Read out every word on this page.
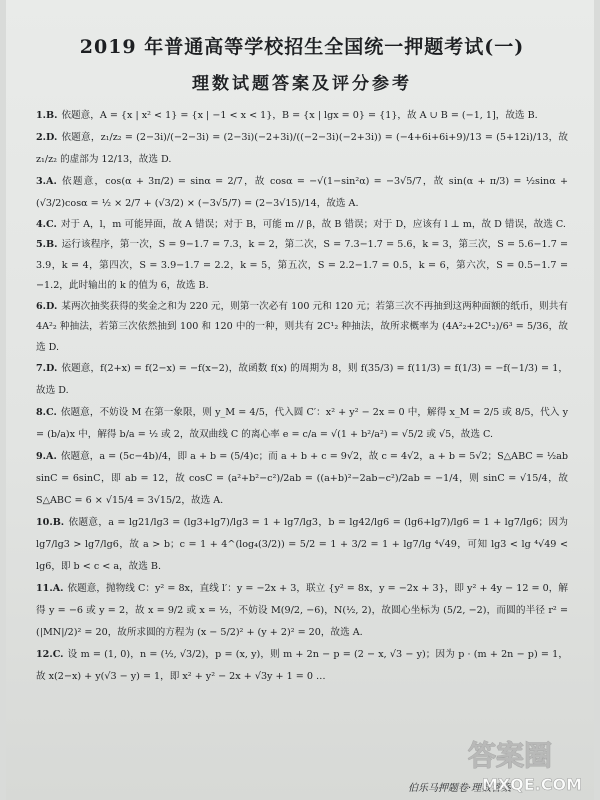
2019 年普通高等学校招生全国统一押题考试(一)
理数试题答案及评分参考

1.B. 依题意，A = {x | x² < 1} = {x | −1 < x < 1}，B = {x | lgx = 0} = {1}，故 A ∪ B = (−1, 1]，故选 B.

2.D. 依题意，z₁/z₂ = (2−3i)/(−2−3i) = (2−3i)(−2+3i)/((−2−3i)(−2+3i)) = (−4+6i+6i+9)/13 = (5+12i)/13，故 z₁/z₂ 的虚部为 12/13，故选 D.

3.A. 依题意，cos(α + 3π/2) = sinα = 2/7，故 cosα = −√(1−sin²α) = −3√5/7，故 sin(α + π/3) = ½sinα + (√3/2)cosα = ½ × 2/7 + (√3/2) × (−3√5/7) = (2−3√15)/14，故选 A.

4.C. 对于 A，l，m 可能异面，故 A 错误；对于 B，可能 m // β，故 B 错误；对于 D，应该有 l ⊥ m，故 D 错误，故选 C.

5.B. 运行该程序，第一次，S = 9−1.7 = 7.3，k = 2，第二次，S = 7.3−1.7 = 5.6，k = 3，第三次，S = 5.6−1.7 = 3.9，k = 4，第四次，S = 3.9−1.7 = 2.2，k = 5，第五次，S = 2.2−1.7 = 0.5，k = 6，第六次，S = 0.5−1.7 = −1.2，此时输出的 k 的值为 6，故选 B.

6.D. 某两次抽奖获得的奖金之和为 220 元，则第一次必有 100 元和 120 元；若第三次不再抽到这两种面额的纸币，则共有 4A²₂ 种抽法，若第三次依然抽到 100 和 120 中的一种，则共有 2C¹₂ 种抽法，故所求概率为 (4A²₂+2C¹₂)/6³ = 5/36，故选 D.

7.D. 依题意，f(2+x) = f(2−x) = −f(x−2)，故函数 f(x) 的周期为 8，则 f(35/3) = f(11/3) = f(1/3) = −f(−1/3) = 1，故选 D.

8.C. 依题意，不妨设 M 在第一象限，则 y_M = 4/5，代入圆 C′：x² + y² − 2x = 0 中，解得 x_M = 2/5 或 8/5，代入 y = (b/a)x 中，解得 b/a = ½ 或 2，故双曲线 C 的离心率 e = c/a = √(1 + b²/a²) = √5/2 或 √5，故选 C.

9.A. 依题意，a = (5c−4b)/4，即 a + b = (5/4)c；而 a + b + c = 9√2，故 c = 4√2，a + b = 5√2；S△ABC = ½ab sinC = 6sinC，即 ab = 12，故 cosC = (a²+b²−c²)/2ab = ((a+b)²−2ab−c²)/2ab = −1/4，则 sinC = √15/4，故 S△ABC = 6 × √15/4 = 3√15/2，故选 A.

10.B. 依题意，a = lg21/lg3 = (lg3+lg7)/lg3 = 1 + lg7/lg3，b = lg42/lg6 = (lg6+lg7)/lg6 = 1 + lg7/lg6；因为 lg7/lg3 > lg7/lg6，故 a > b；c = 1 + 4^(log₄(3/2)) = 5/2 = 1 + 3/2 = 1 + lg7/lg ⁴√49，可知 lg3 < lg ⁴√49 < lg6，即 b < c < a，故选 B.

11.A. 依题意，抛物线 C：y² = 8x，直线 l′：y = −2x + 3，联立 {y² = 8x，y = −2x + 3}，即 y² + 4y − 12 = 0，解得 y = −6 或 y = 2，故 x = 9/2 或 x = ½，不妨设 M(9/2, −6)，N(½, 2)，故圆心坐标为 (5/2, −2)，而圆的半径 r² = (|MN|/2)² = 20，故所求圆的方程为 (x − 5/2)² + (y + 2)² = 20，故选 A.

12.C. 设 m = (1, 0)，n = (½, √3/2)，p = (x, y)，则 m + 2n − p = (2 − x, √3 − y)；因为 p · (m + 2n − p) = 1，故 x(2−x) + y(√3 − y) = 1，即 x² + y² − 2x + √3y + 1 = 0 …

伯乐马押题卷·理数答案
答案圈
MXQE.COM
